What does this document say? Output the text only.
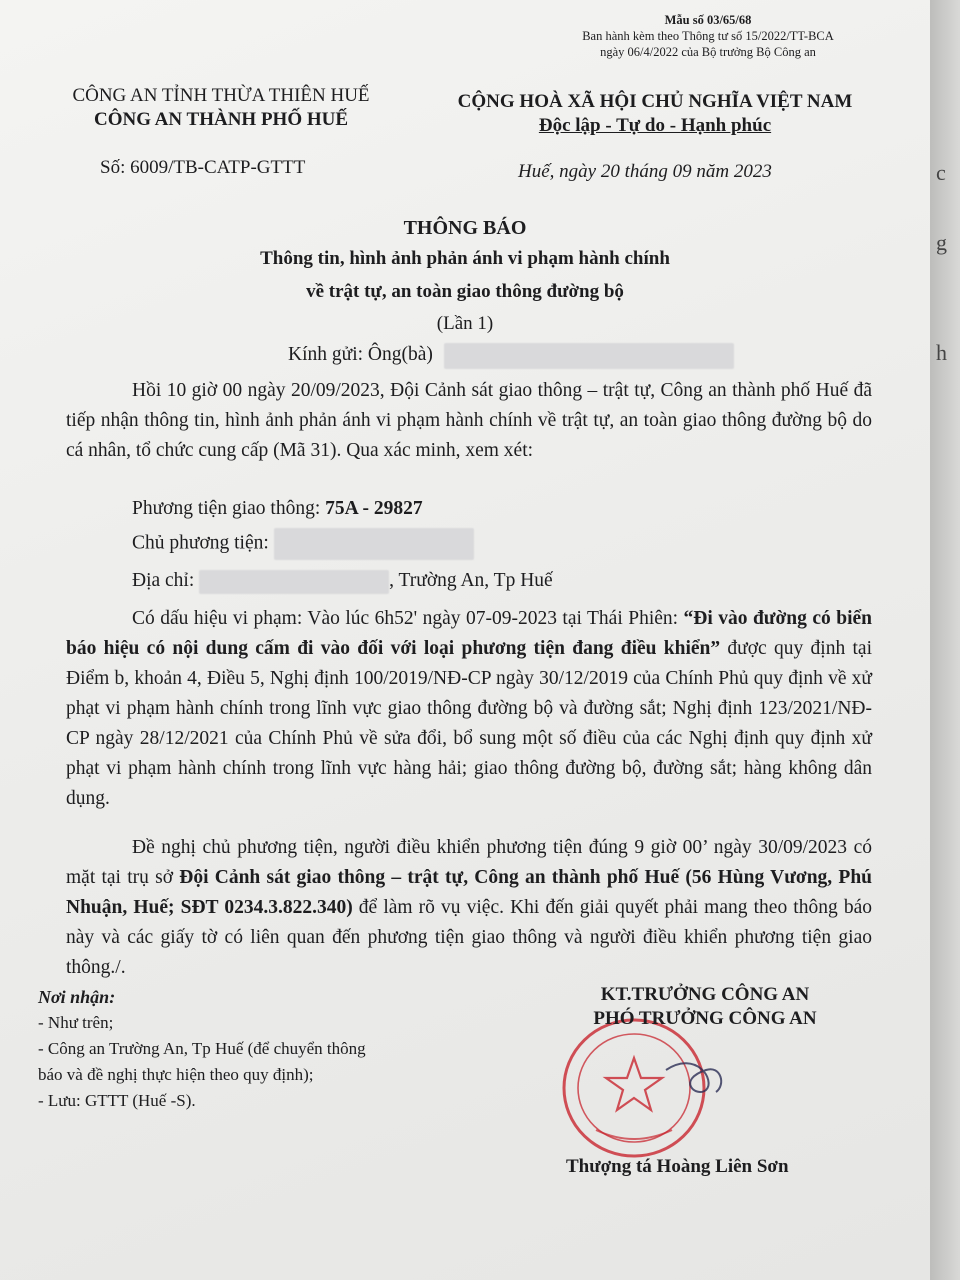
Mẫu số 03/65/68
Ban hành kèm theo Thông tư số 15/2022/TT-BCA
ngày 06/4/2022 của Bộ trưởng Bộ Công an
CÔNG AN TỈNH THỪA THIÊN HUẾ
CÔNG AN THÀNH PHỐ HUẾ
CỘNG HOÀ XÃ HỘI CHỦ NGHĨA VIỆT NAM
Độc lập - Tự do - Hạnh phúc
Số: 6009/TB-CATP-GTTT	Huế, ngày 20 tháng 09 năm 2023
THÔNG BÁO
Thông tin, hình ảnh phản ánh vi phạm hành chính
về trật tự, an toàn giao thông đường bộ
(Lần 1)
Kính gửi: Ông(bà)
Hồi 10 giờ 00 ngày 20/09/2023, Đội Cảnh sát giao thông – trật tự, Công an thành phố Huế đã tiếp nhận thông tin, hình ảnh phản ánh vi phạm hành chính về trật tự, an toàn giao thông đường bộ do cá nhân, tổ chức cung cấp (Mã 31). Qua xác minh, xem xét:
Phương tiện giao thông: 75A - 29827
Chủ phương tiện:
Địa chỉ:	, Trường An, Tp Huế
Có dấu hiệu vi phạm: Vào lúc 6h52' ngày 07-09-2023 tại Thái Phiên: “Đi vào đường có biển báo hiệu có nội dung cấm đi vào đối với loại phương tiện đang điều khiển” được quy định tại Điểm b, khoản 4, Điều 5, Nghị định 100/2019/NĐ-CP ngày 30/12/2019 của Chính Phủ quy định về xử phạt vi phạm hành chính trong lĩnh vực giao thông đường bộ và đường sắt; Nghị định 123/2021/NĐ-CP ngày 28/12/2021 của Chính Phủ về sửa đổi, bổ sung một số điều của các Nghị định quy định xử phạt vi phạm hành chính trong lĩnh vực hàng hải; giao thông đường bộ, đường sắt; hàng không dân dụng.
Đề nghị chủ phương tiện, người điều khiển phương tiện đúng 9 giờ 00’ ngày 30/09/2023 có mặt tại trụ sở Đội Cảnh sát giao thông – trật tự, Công an thành phố Huế (56 Hùng Vương, Phú Nhuận, Huế; SĐT 0234.3.822.340) để làm rõ vụ việc. Khi đến giải quyết phải mang theo thông báo này và các giấy tờ có liên quan đến phương tiện giao thông và người điều khiển phương tiện giao thông./.
Nơi nhận:
- Như trên;
- Công an Trường An, Tp Huế (để chuyển thông
báo và đề nghị thực hiện theo quy định);
- Lưu: GTTT (Huế -S).
KT.TRƯỞNG CÔNG AN
PHÓ TRƯỞNG CÔNG AN
Thượng tá Hoàng Liên Sơn
c
g
h
